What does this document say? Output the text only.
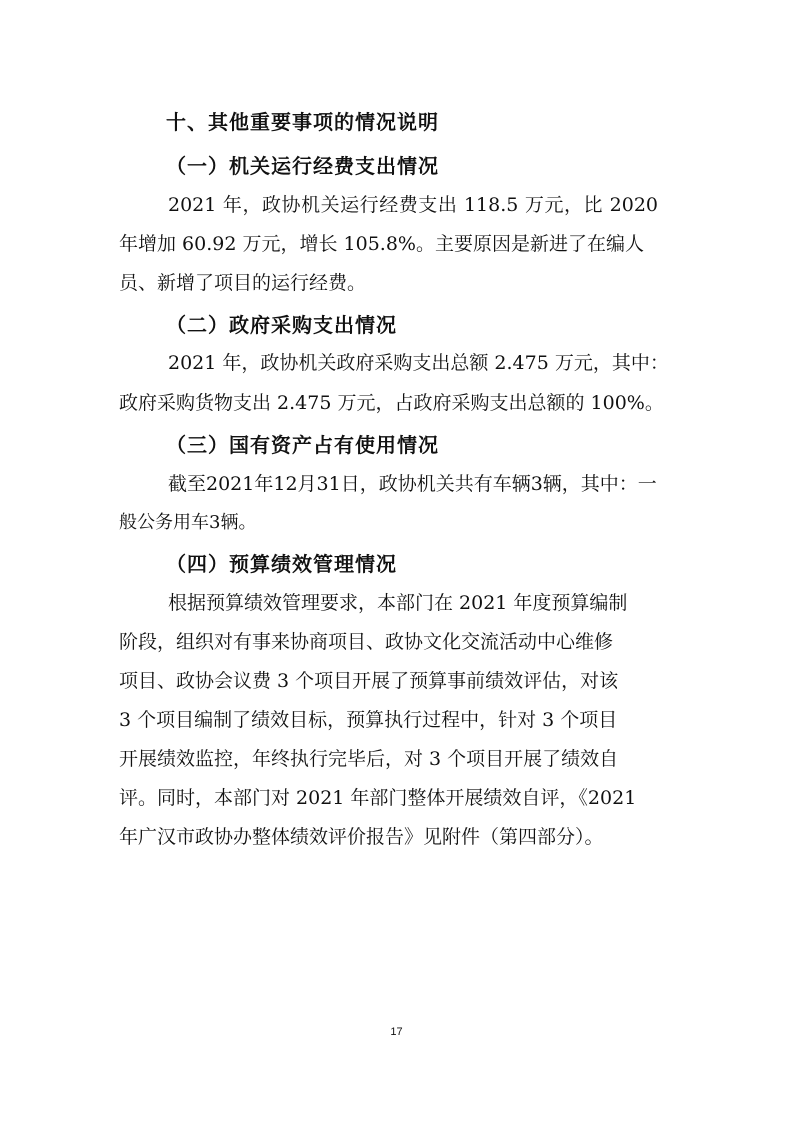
十、其他重要事项的情况说明
（一）机关运行经费支出情况
2021 年，政协机关运行经费支出 118.5 万元，比 2020
年增加 60.92 万元，增长 105.8%。主要原因是新进了在编人
员、新增了项目的运行经费。
（二）政府采购支出情况
2021 年，政协机关政府采购支出总额 2.475 万元，其中：
政府采购货物支出 2.475 万元，占政府采购支出总额的 100%。
（三）国有资产占有使用情况
截至2021年12月31日，政协机关共有车辆3辆，其中：一
般公务用车3辆。
（四）预算绩效管理情况
根据预算绩效管理要求，本部门在 2021 年度预算编制
阶段，组织对有事来协商项目、政协文化交流活动中心维修
项目、政协会议费 3 个项目开展了预算事前绩效评估，对该
3 个项目编制了绩效目标，预算执行过程中，针对 3 个项目
开展绩效监控，年终执行完毕后，对 3 个项目开展了绩效自
评。同时，本部门对 2021 年部门整体开展绩效自评，《2021
年广汉市政协办整体绩效评价报告》见附件（第四部分）。
17
